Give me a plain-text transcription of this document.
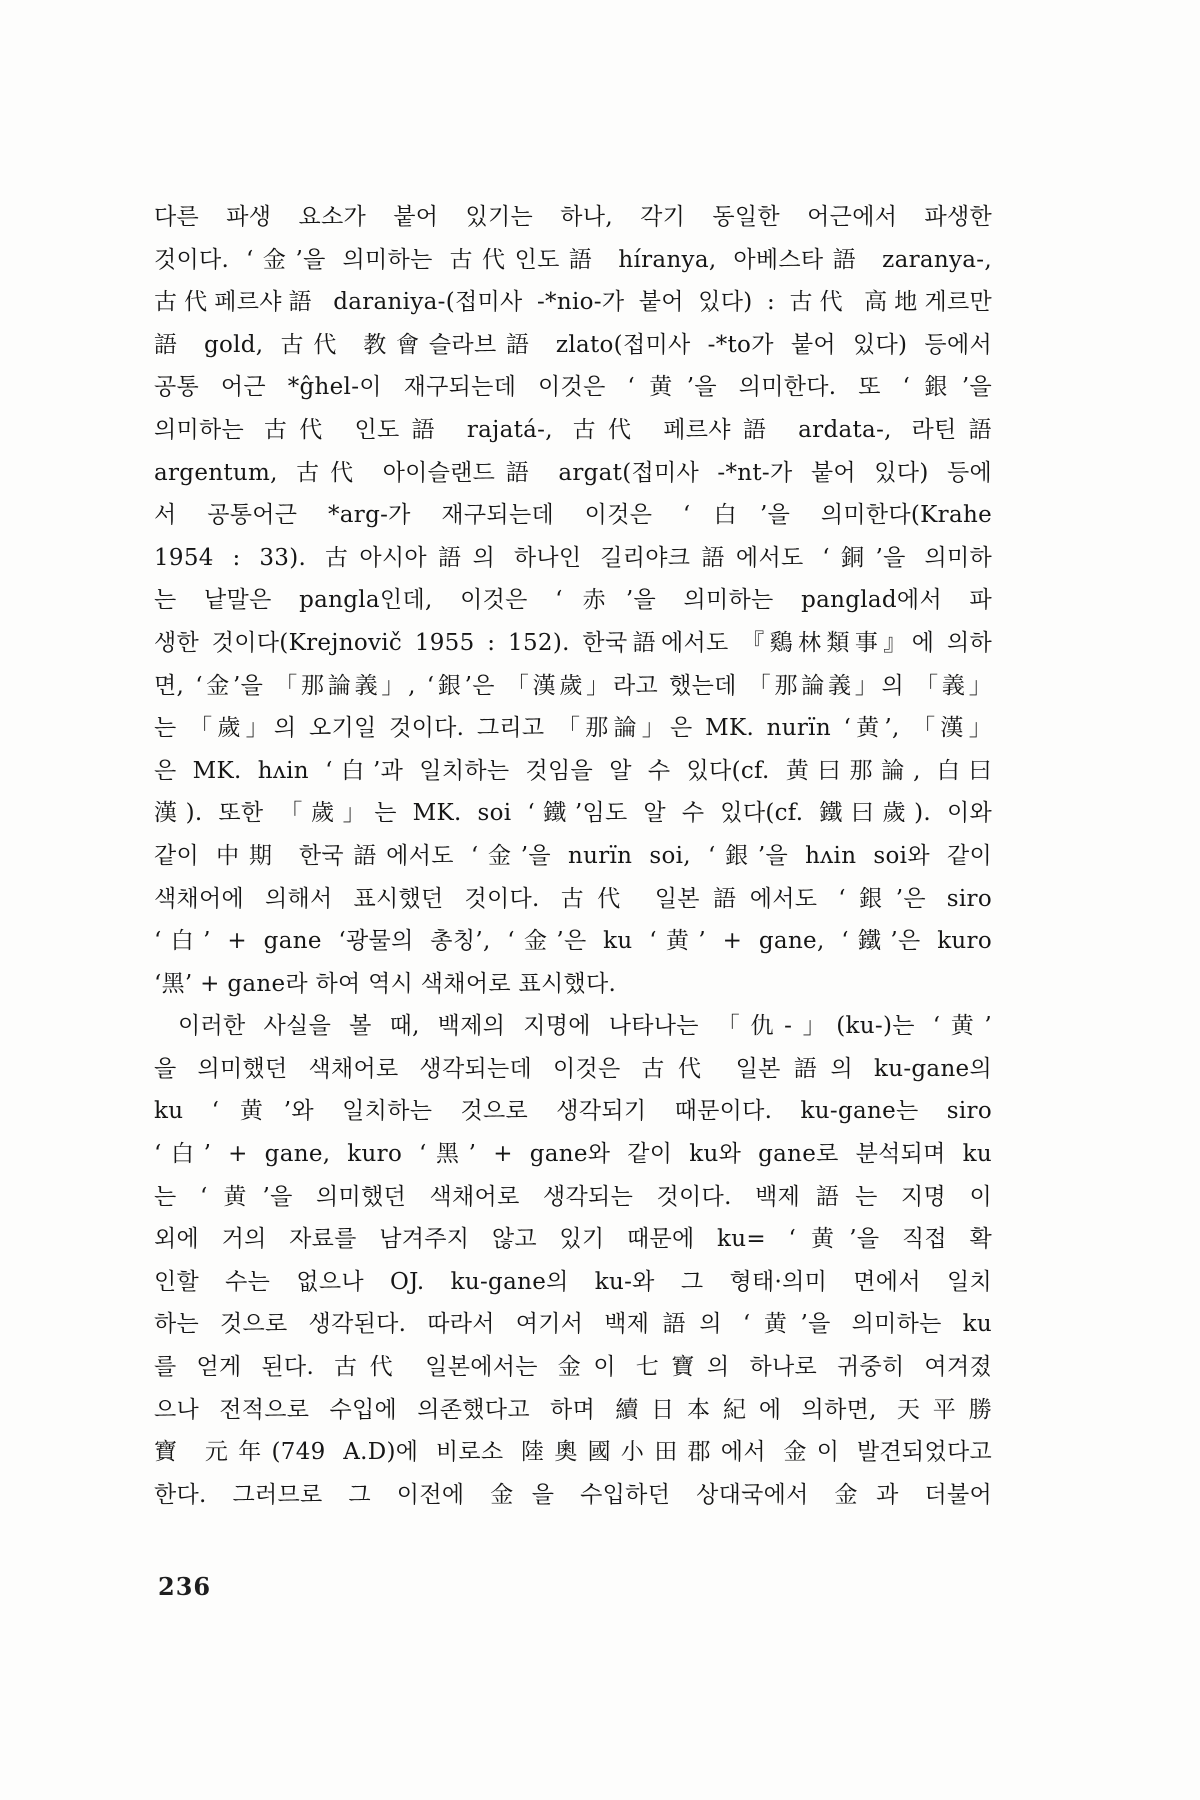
다른 파생 요소가 붙어 있기는 하나, 각기 동일한 어근에서 파생한
것이다. ‘金’을 의미하는 古代인도語 híranya, 아베스타語 zaranya-,
古代페르샤語 daraniya-(접미사 -*nio-가 붙어 있다) : 古代 高地게르만
語 gold, 古代 教會슬라브語 zlato(접미사 -*to가 붙어 있다) 등에서
공통 어근 *ĝhel-이 재구되는데 이것은 ‘黄’을 의미한다. 또 ‘銀’을
의미하는 古代 인도語 rajatá-, 古代 페르샤語 ardata-, 라틴語
argentum, 古代 아이슬랜드語 argat(접미사 -*nt-가 붙어 있다) 등에
서 공통어근 *arg-가 재구되는데 이것은 ‘白’을 의미한다(Krahe
1954 : 33). 古아시아語의 하나인 길리야크語에서도 ‘銅’을 의미하
는 낱말은 pangla인데, 이것은 ‘赤’을 의미하는 panglad에서 파
생한 것이다(Krejnovič 1955 : 152). 한국語에서도 『鷄林類事』에 의하
면, ‘金’을 「那論義」, ‘銀’은 「漢歲」라고 했는데 「那論義」의 「義」
는 「歲」의 오기일 것이다. 그리고 「那論」은 MK. nurïn ‘黄’, 「漢」
은 MK. hʌin ‘白’과 일치하는 것임을 알 수 있다(cf. 黄曰那論, 白曰
漢). 또한 「歲」는 MK. soi ‘鐵’임도 알 수 있다(cf. 鐵曰歲). 이와
같이 中期 한국語에서도 ‘金’을 nurïn soi, ‘銀’을 hʌin soi와 같이
색채어에 의해서 표시했던 것이다. 古代 일본語에서도 ‘銀’은 siro
‘白’ + gane ‘광물의 총칭’, ‘金’은 ku ‘黄’ + gane, ‘鐵’은 kuro
‘黑’ + gane라 하여 역시 색채어로 표시했다.
이러한 사실을 볼 때, 백제의 지명에 나타나는 「仇-」(ku-)는 ‘黄’
을 의미했던 색채어로 생각되는데 이것은 古代 일본語의 ku-gane의
ku ‘黄’와 일치하는 것으로 생각되기 때문이다. ku-gane는 siro
‘白’ + gane, kuro ‘黑’ + gane와 같이 ku와 gane로 분석되며 ku
는 ‘黄’을 의미했던 색채어로 생각되는 것이다. 백제語는 지명 이
외에 거의 자료를 남겨주지 않고 있기 때문에 ku= ‘黄’을 직접 확
인할 수는 없으나 OJ. ku-gane의 ku-와 그 형태·의미 면에서 일치
하는 것으로 생각된다. 따라서 여기서 백제語의 ‘黄’을 의미하는 ku
를 얻게 된다. 古代 일본에서는 金이 七寶의 하나로 귀중히 여겨졌
으나 전적으로 수입에 의존했다고 하며 續日本紀에 의하면, 天平勝
寶 元年(749 A.D)에 비로소 陸奧國小田郡에서 金이 발견되었다고
한다. 그러므로 그 이전에 金을 수입하던 상대국에서 金과 더불어
236
